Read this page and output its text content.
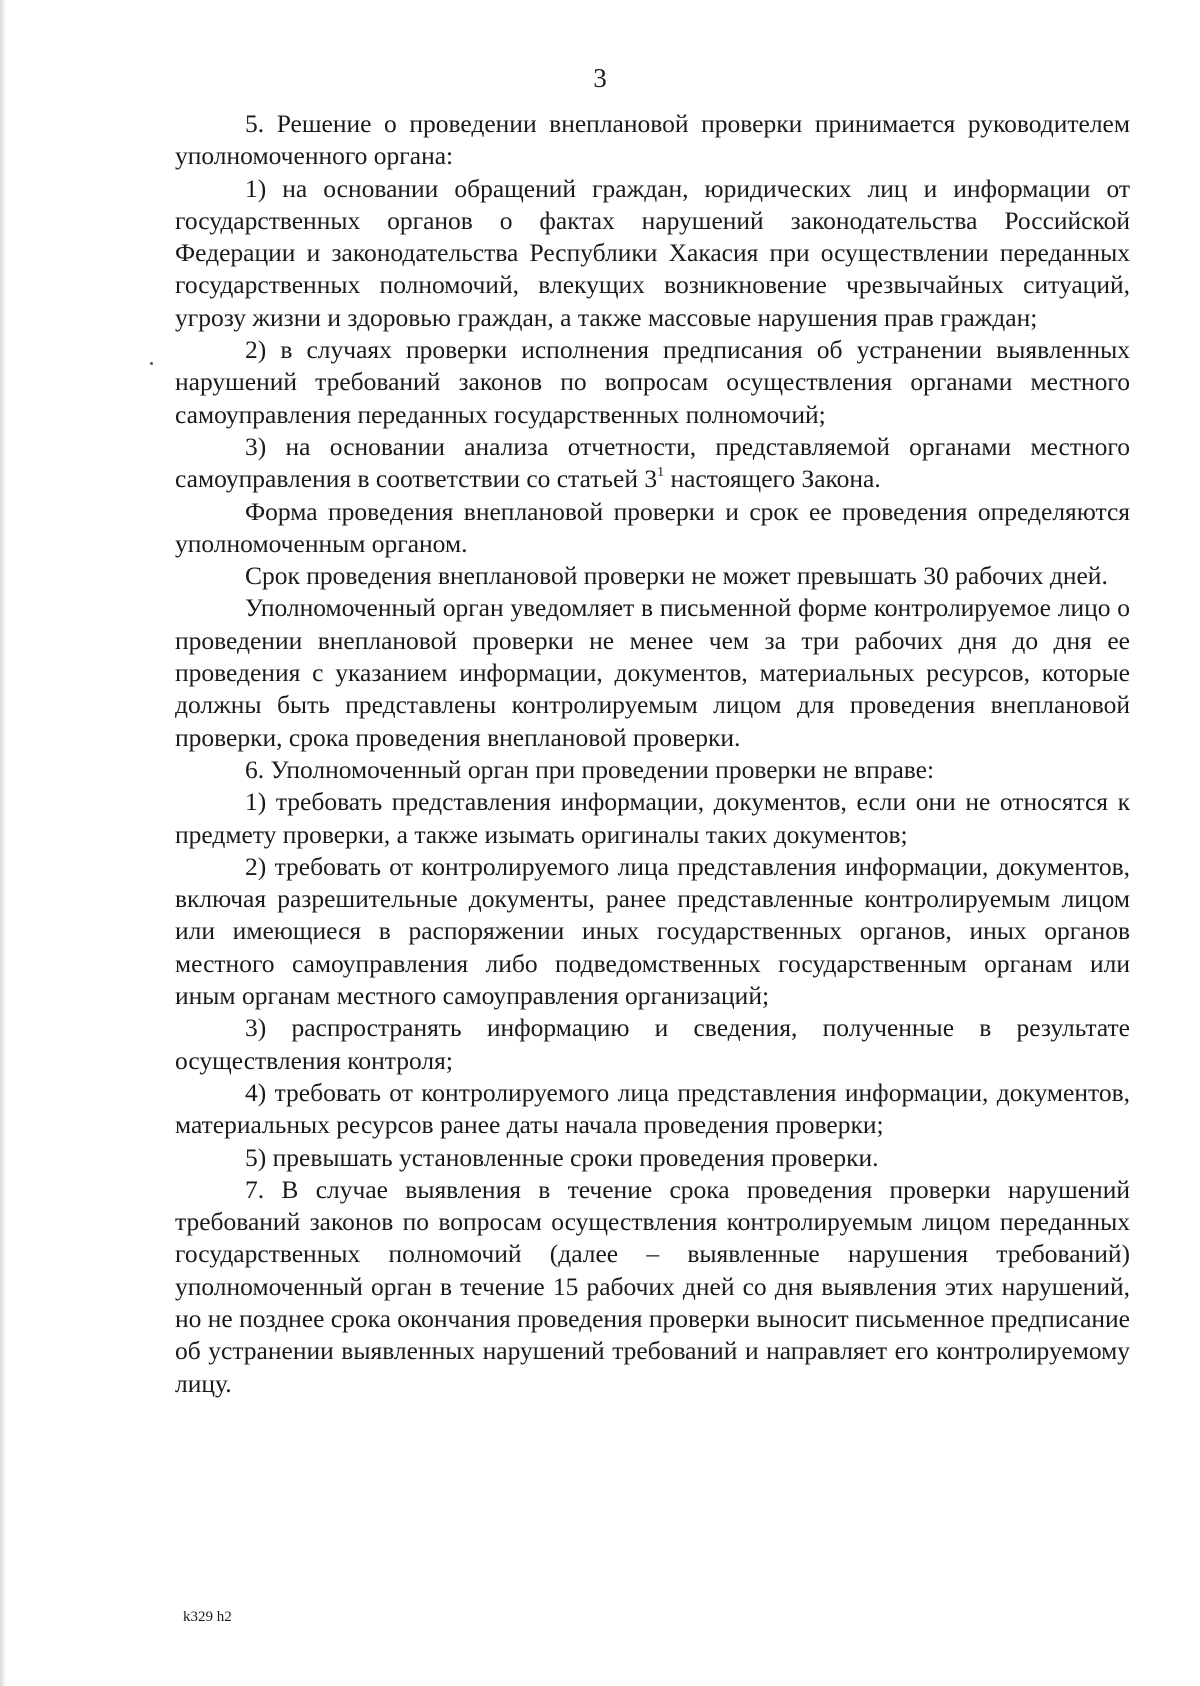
3

5. Решение о проведении внеплановой проверки принимается руководителем уполномоченного органа:

1) на основании обращений граждан, юридических лиц и информации от государственных органов о фактах нарушений законодательства Российской Федерации и законодательства Республики Хакасия при осуществлении переданных государственных полномочий, влекущих возникновение чрезвычайных ситуаций, угрозу жизни и здоровью граждан, а также массовые нарушения прав граждан;

2) в случаях проверки исполнения предписания об устранении выявленных нарушений требований законов по вопросам осуществления органами местного самоуправления переданных государственных полномочий;

3) на основании анализа отчетности, представляемой органами местного самоуправления в соответствии со статьей $3^1$ настоящего Закона.

Форма проведения внеплановой проверки и срок ее проведения определяются уполномоченным органом.

Срок проведения внеплановой проверки не может превышать 30 рабочих дней.

Уполномоченный орган уведомляет в письменной форме контролируемое лицо о проведении внеплановой проверки не менее чем за три рабочих дня до дня ее проведения с указанием информации, документов, материальных ресурсов, которые должны быть представлены контролируемым лицом для проведения внеплановой проверки, срока проведения внеплановой проверки.

6. Уполномоченный орган при проведении проверки не вправе:

1) требовать представления информации, документов, если они не относятся к предмету проверки, а также изымать оригиналы таких документов;

2) требовать от контролируемого лица представления информации, документов, включая разрешительные документы, ранее представленные контролируемым лицом или имеющиеся в распоряжении иных государственных органов, иных органов местного самоуправления либо подведомственных государственным органам или иным органам местного самоуправления организаций;

3) распространять информацию и сведения, полученные в результате осуществления контроля;

4) требовать от контролируемого лица представления информации, документов, материальных ресурсов ранее даты начала проведения проверки;

5) превышать установленные сроки проведения проверки.

7. В случае выявления в течение срока проведения проверки нарушений требований законов по вопросам осуществления контролируемым лицом переданных государственных полномочий (далее – выявленные нарушения требований) уполномоченный орган в течение 15 рабочих дней со дня выявления этих нарушений, но не позднее срока окончания проведения проверки выносит письменное предписание об устранении выявленных нарушений требований и направляет его контролируемому лицу.

k329 h2
